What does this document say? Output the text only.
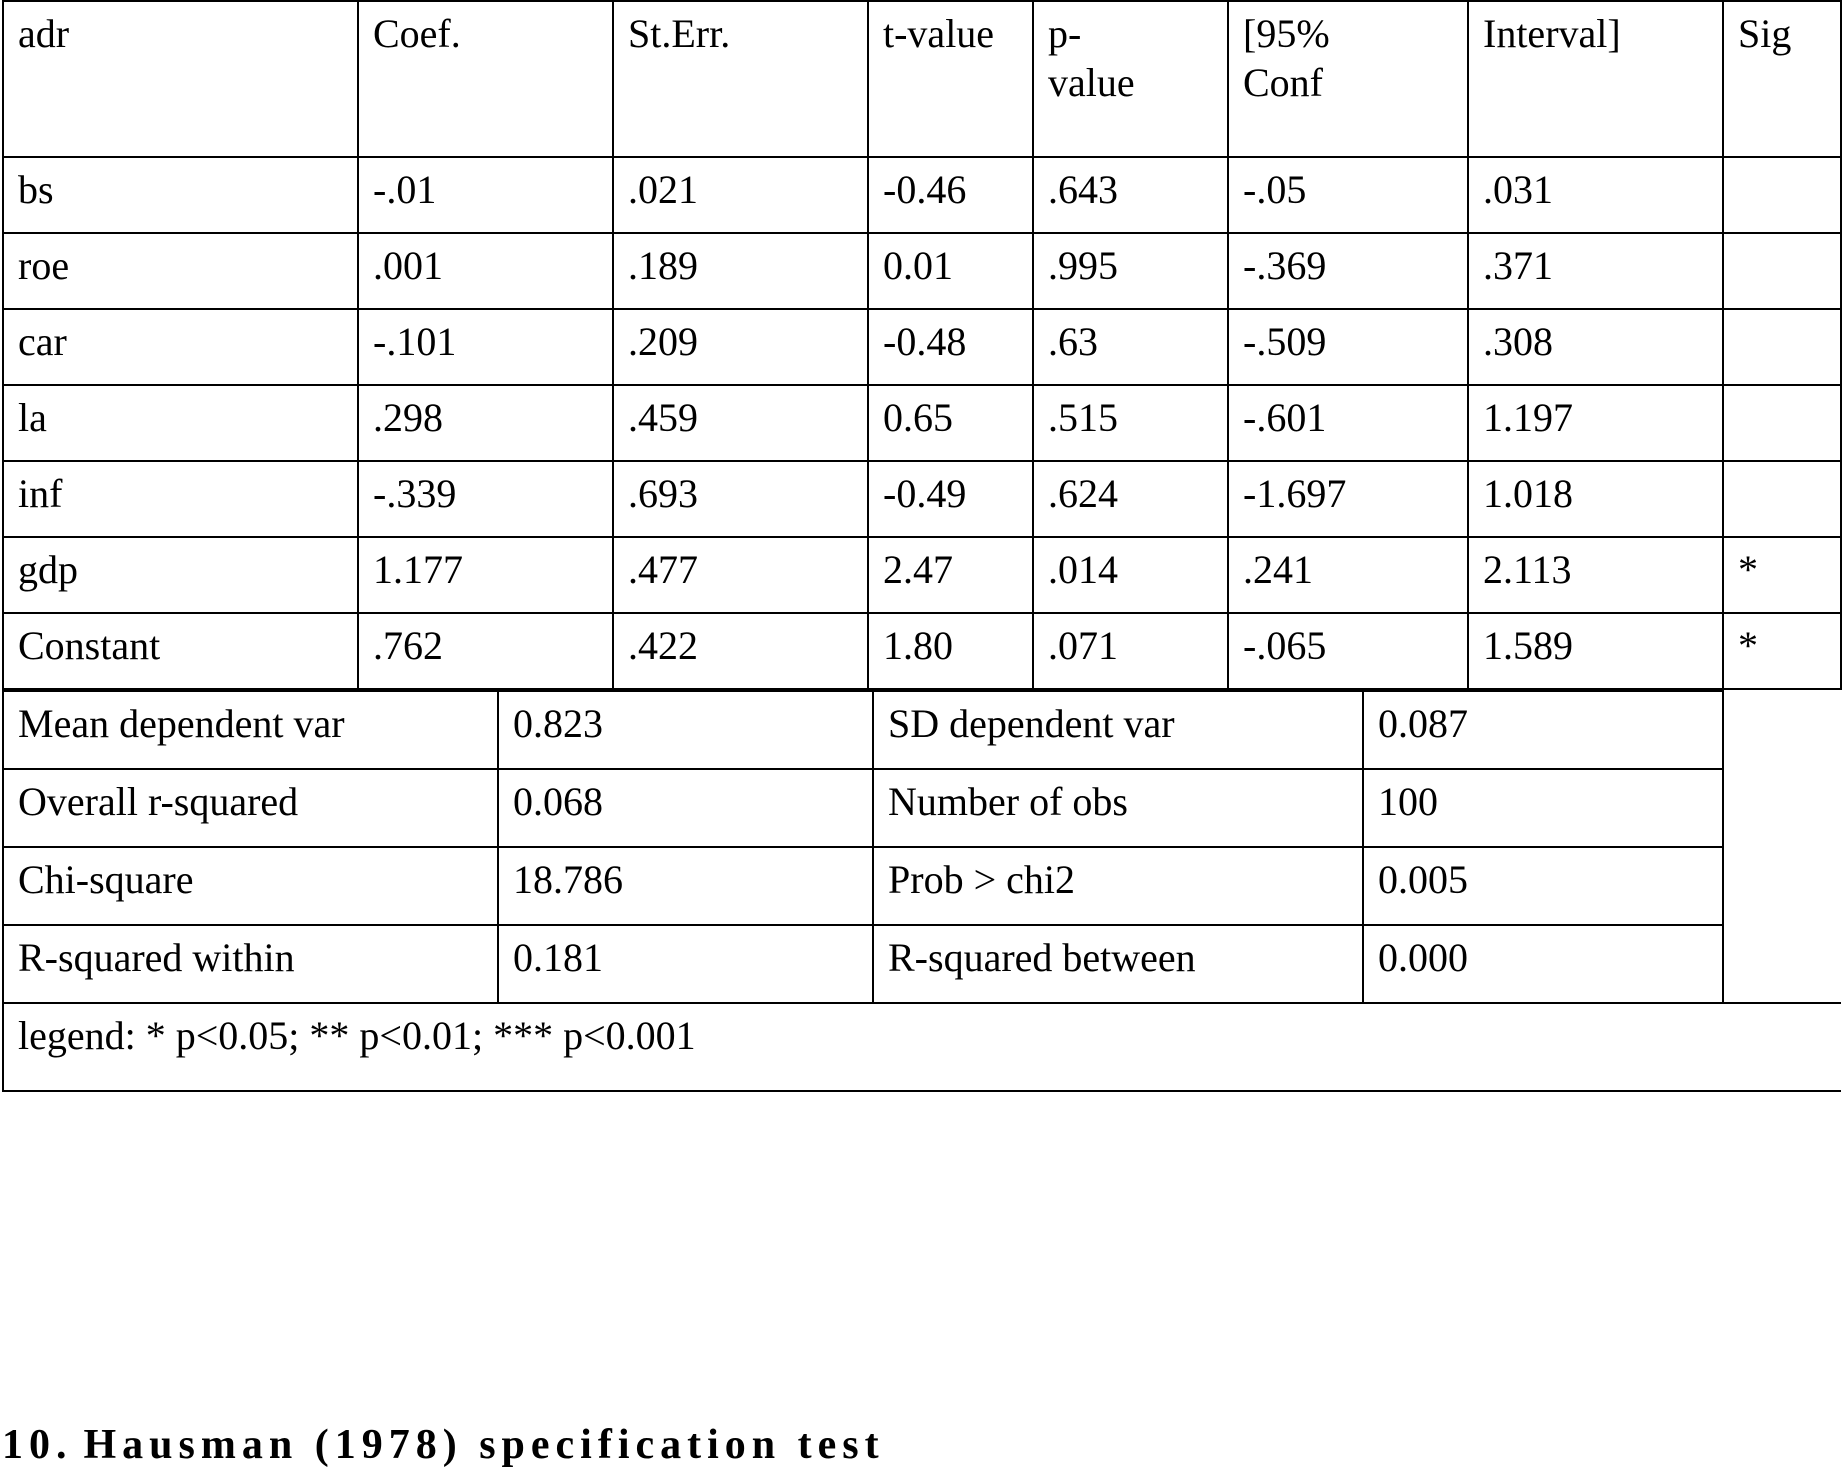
adr	Coef.	St.Err.	t-value	p-value	[95% Conf	Interval]	Sig

bs	-.01	.021	-0.46	.643	-.05	.031	
roe	.001	.189	0.01	.995	-.369	.371	
car	-.101	.209	-0.48	.63	-.509	.308	
la	.298	.459	0.65	.515	-.601	1.197	
inf	-.339	.693	-0.49	.624	-1.697	1.018	
gdp	1.177	.477	2.47	.014	.241	2.113	*
Constant	.762	.422	1.80	.071	-.065	1.589	*
Mean dependent var	0.823	SD dependent var	0.087	
Overall r-squared	0.068	Number of obs	100	
Chi-square	18.786	Prob > chi2	0.005	
R-squared within	0.181	R-squared between	0.000	
legend: * p<0.05; ** p<0.01; *** p<0.001				
10. Hausman (1978) specification test
